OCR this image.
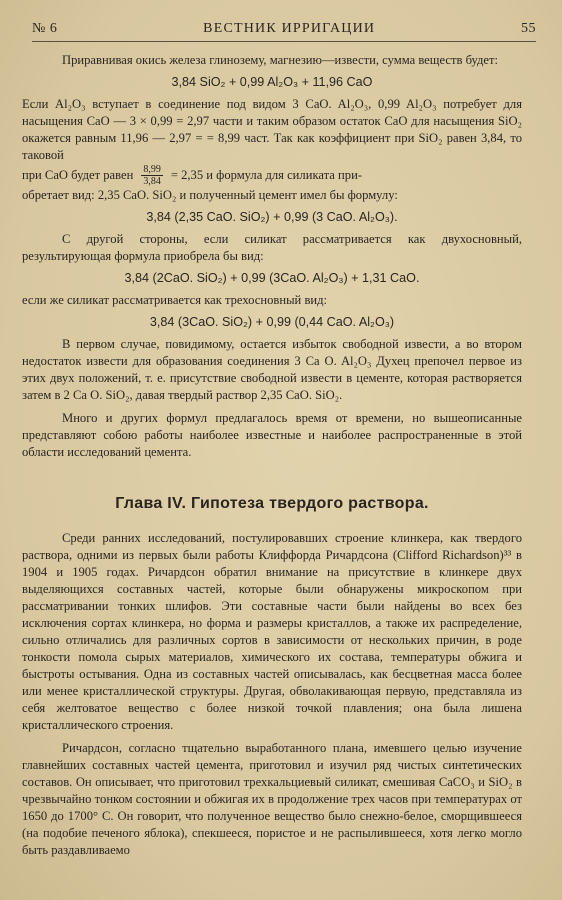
№ 6	ВЕСТНИК ИРРИГАЦИИ	55

Приравнивая окись железа глинозему, магнезию—извести, сумма веществ будет:

3,84 SiO₂ + 0,99 Al₂O₃ + 11,96 CaO

Если Al₂O₃ вступает в соединение под видом 3 CaO. Al₂O₃, 0,99 Al₂O₃ потребует для насыщения CaO — 3 × 0,99 = 2,97 части и таким образом остаток CaO для насыщения SiO₂ окажется равным 11,96 — 2,97 = = 8,99 част. Так как коэффициент при SiO₂ равен 3,84, то таковой

при CaO будет равен $\frac{8,99}{3,84} = 2,35$ и формула для силиката при-

обретает вид: 2,35 CaO. SiO₂ и полученный цемент имел бы формулу:

3,84 (2,35 CaO. SiO₂) + 0,99 (3 CaO. Al₂O₃).

С другой стороны, если силикат рассматривается как двухосновный, результирующая формула приобрела бы вид:

3,84 (2CaO. SiO₂) + 0,99 (3CaO. Al₂O₃) + 1,31 CaO.

если же силикат рассматривается как трехосновный вид:

3,84 (3CaO. SiO₂) + 0,99 (0,44 CaO. Al₂O₃)

В первом случае, повидимому, остается избыток свободной извести, а во втором недостаток извести для образования соединения 3 Ca O. Al₂O₃ Духец препочел первое из этих двух положений, т. е. присутствие свободной извести в цементе, которая растворяется затем в 2 Ca O. SiO₂, давая твердый раствор 2,35 CaO. SiO₂.

Много и других формул предлагалось время от времени, но вышеописанные представляют собою работы наиболее известные и наиболее распространенные в этой области исследований цемента.

Глава IV. Гипотеза твердого раствора.

Среди ранних исследований, постулировавших строение клинкера, как твердого раствора, одними из первых были работы Клиффорда Ричардсона (Clifford Richardson)³³ в 1904 и 1905 годах. Ричардсон обратил внимание на присутствие в клинкере двух выделяющихся составных частей, которые были обнаружены микроскопом при рассматривании тонких шлифов. Эти составные части были найдены во всех без исключения сортах клинкера, но форма и размеры кристаллов, а также их распределение, сильно отличались для различных сортов в зависимости от нескольких причин, в роде тонкости помола сырых материалов, химического их состава, температуры обжига и быстроты остывания. Одна из составных частей описывалась, как бесцветная масса более или менее кристаллической структуры. Другая, обволакивающая первую, представляла из себя желтоватое вещество с более низкой точкой плавления; она была лишена кристаллического строения.

Ричардсон, согласно тщательно выработанного плана, имевшего целью изучение главнейших составных частей цемента, приготовил и изучил ряд чистых синтетических составов. Он описывает, что приготовил трехкальциевый силикат, смешивая CaCO₃ и SiO₂ в чрезвычайно тонком состоянии и обжигая их в продолжение трех часов при температурах от 1650 до 1700° C. Он говорит, что полученное вещество было снежно-белое, сморщившееся (на подобие печеного яблока), спекшееся, пористое и не распылившееся, хотя легко могло быть раздавливаемо
